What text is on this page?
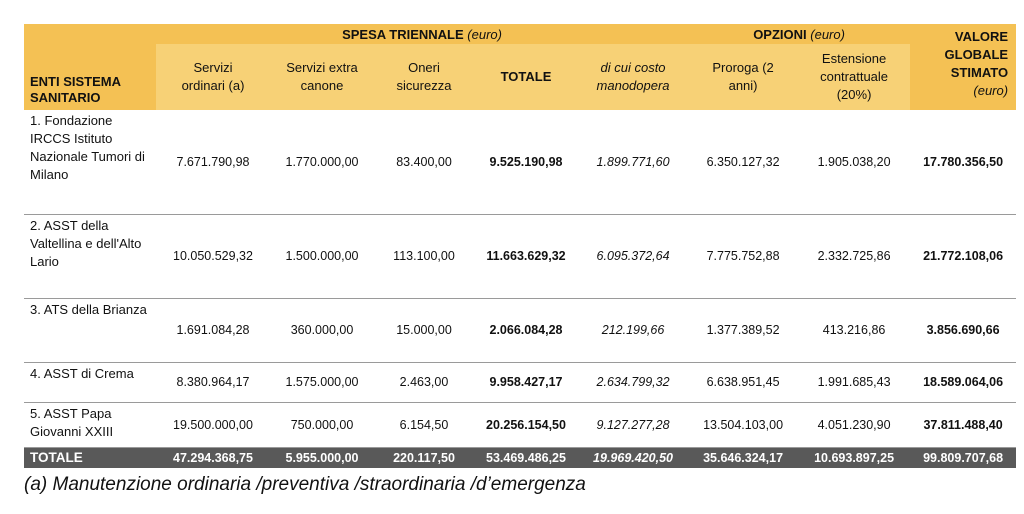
ENTI SISTEMA SANITARIO	SPESA TRIENNALE (euro)					OPZIONI (euro)		VALORE GLOBALE STIMATO
(euro)

	Servizi ordinari (a)	Servizi extra canone	Oneri sicurezza	TOTALE	di cui costo manodopera	Proroga (2 anni)	Estensione contrattuale (20%)	
1. Fondazione IRCCS Istituto Nazionale Tumori di Milano	7.671.790,98	1.770.000,00	83.400,00	9.525.190,98	1.899.771,60	6.350.127,32	1.905.038,20	17.780.356,50
2. ASST della Valtellina e dell'Alto Lario	10.050.529,32	1.500.000,00	113.100,00	11.663.629,32	6.095.372,64	7.775.752,88	2.332.725,86	21.772.108,06
3. ATS della Brianza	1.691.084,28	360.000,00	15.000,00	2.066.084,28	212.199,66	1.377.389,52	413.216,86	3.856.690,66
4. ASST di Crema	8.380.964,17	1.575.000,00	2.463,00	9.958.427,17	2.634.799,32	6.638.951,45	1.991.685,43	18.589.064,06
5. ASST Papa Giovanni XXIII	19.500.000,00	750.000,00	6.154,50	20.256.154,50	9.127.277,28	13.504.103,00	4.051.230,90	37.811.488,40
TOTALE	47.294.368,75	5.955.000,00	220.117,50	53.469.486,25	19.969.420,50	35.646.324,17	10.693.897,25	99.809.707,68
(a) Manutenzione ordinaria /preventiva /straordinaria /d’emergenza
